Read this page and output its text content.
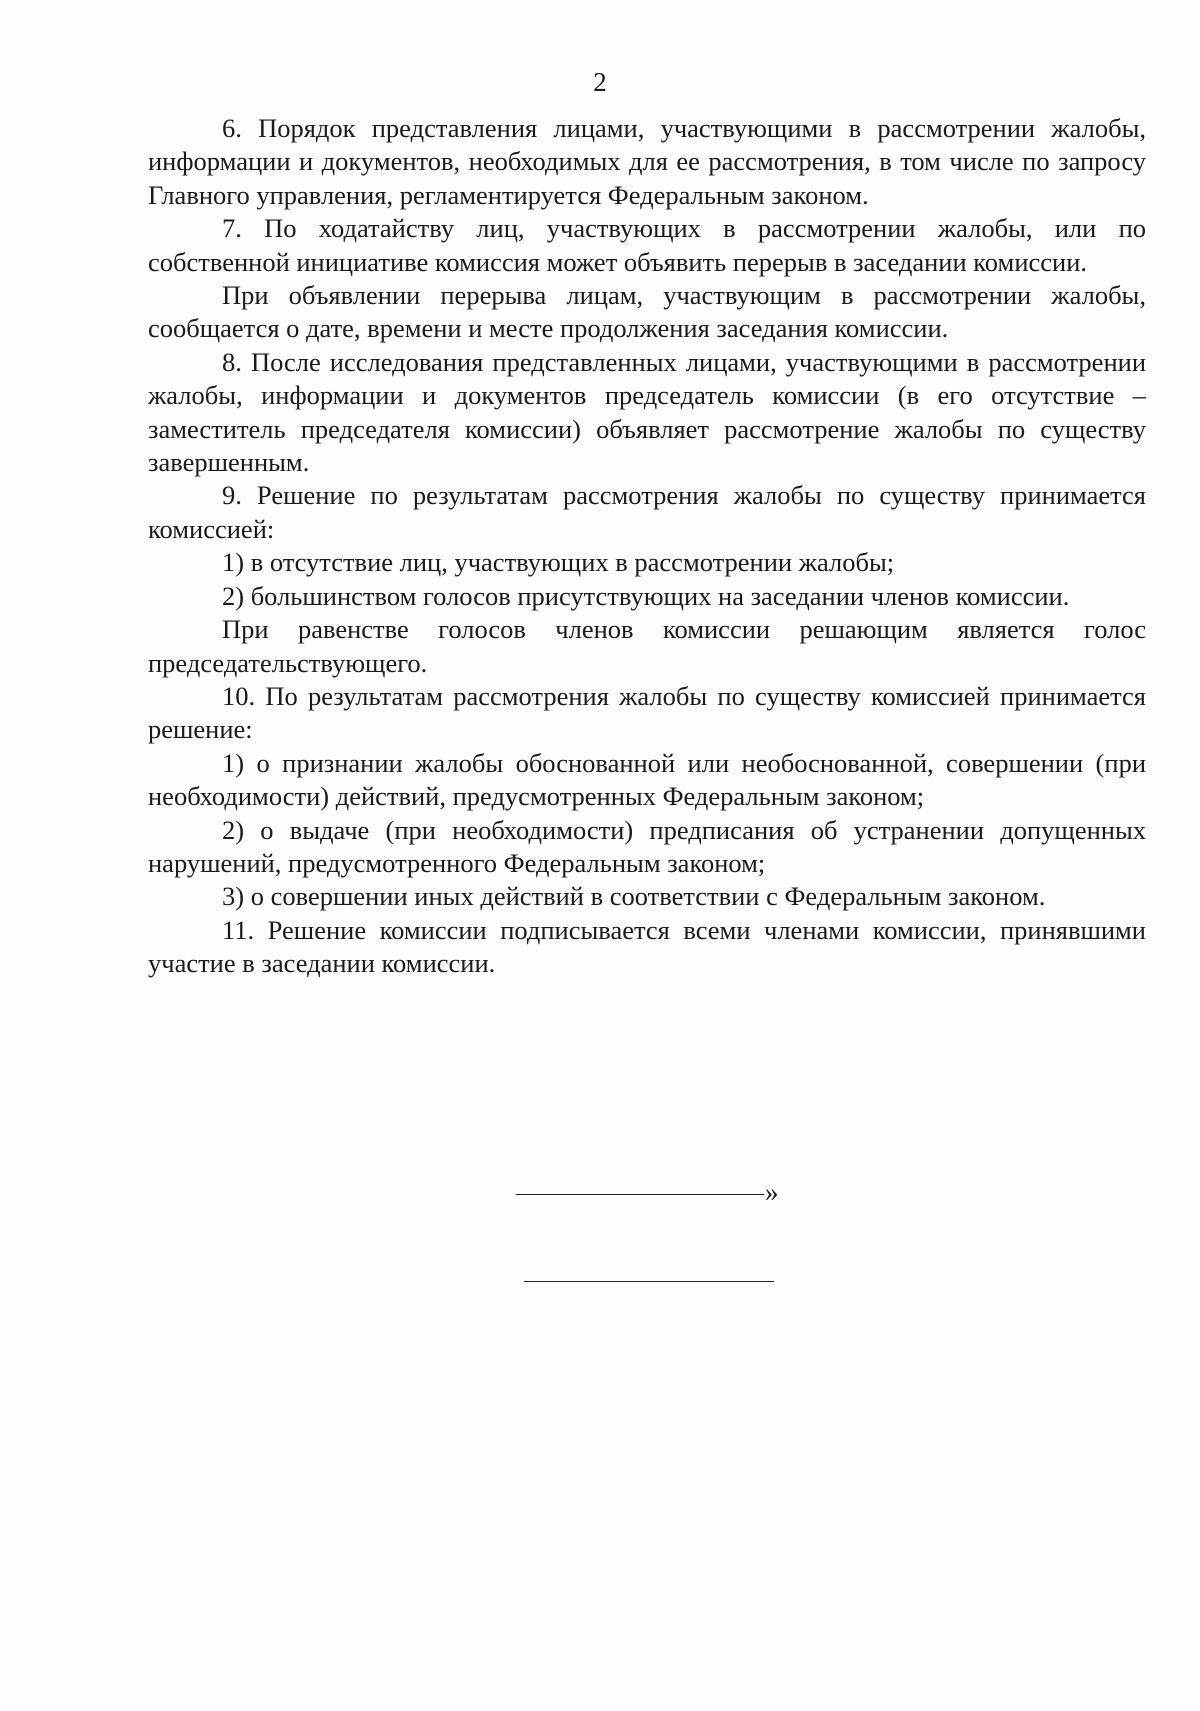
2

6. Порядок представления лицами, участвующими в рассмотрении жалобы, информации и документов, необходимых для ее рассмотрения, в том числе по запросу Главного управления, регламентируется Федеральным законом.

7. По ходатайству лиц, участвующих в рассмотрении жалобы, или по собственной инициативе комиссия может объявить перерыв в заседании комиссии.

При объявлении перерыва лицам, участвующим в рассмотрении жалобы, сообщается о дате, времени и месте продолжения заседания комиссии.

8. После исследования представленных лицами, участвующими в рассмотрении жалобы, информации и документов председатель комиссии (в его отсутствие – заместитель председателя комиссии) объявляет рассмотрение жалобы по существу завершенным.

9. Решение по результатам рассмотрения жалобы по существу принимается комиссией:

1) в отсутствие лиц, участвующих в рассмотрении жалобы;

2) большинством голосов присутствующих на заседании членов комиссии.

При равенстве голосов членов комиссии решающим является голос председательствующего.

10. По результатам рассмотрения жалобы по существу комиссией принимается решение:

1) о признании жалобы обоснованной или необоснованной, совершении (при необходимости) действий, предусмотренных Федеральным законом;

2) о выдаче (при необходимости) предписания об устранении допущенных нарушений, предусмотренного Федеральным законом;

3) о совершении иных действий в соответствии с Федеральным законом.

11. Решение комиссии подписывается всеми членами комиссии, принявшими участие в заседании комиссии.

»
